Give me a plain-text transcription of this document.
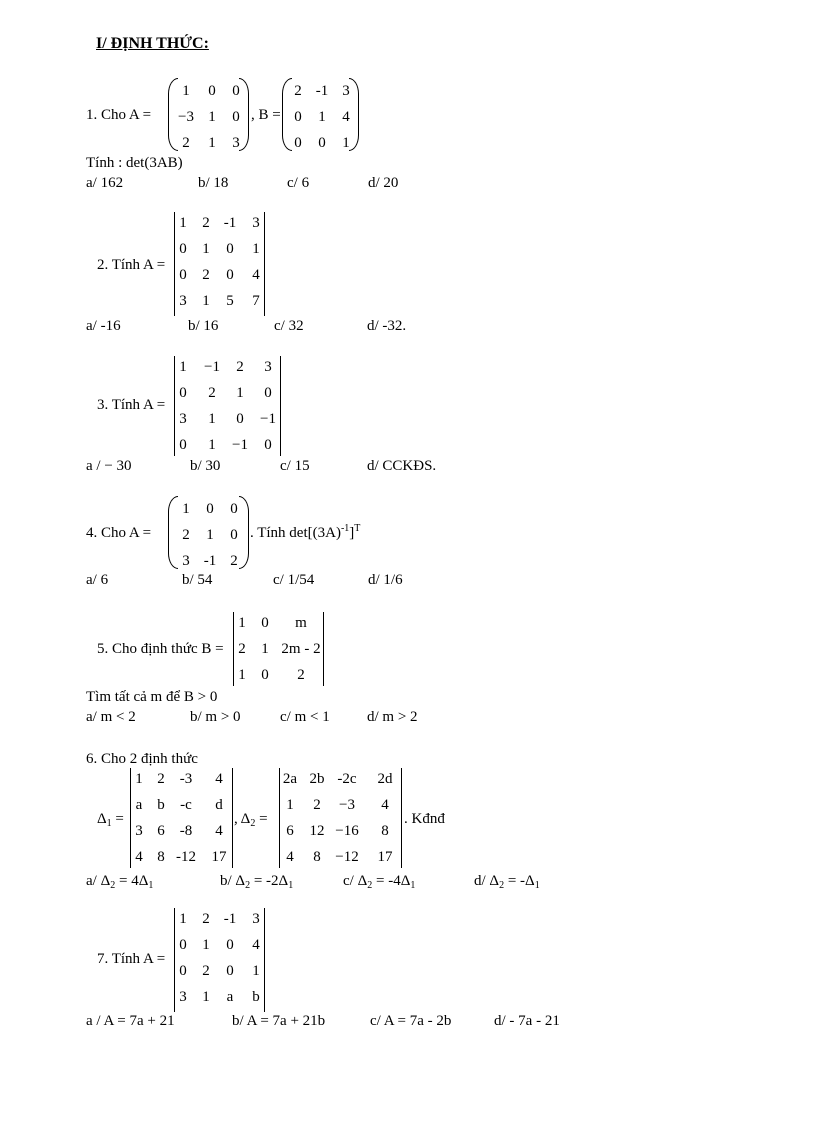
I/ ĐỊNH THỨC:
1. Cho A =
1	0	0
−3 1	0
2	1	3
, B =
2 -1 3
0	1	4
0	0	1
Tính : det(3AB)
a/ 162	b/ 18	c/ 6	d/ 20
2. Tính A =
1	2 -1	3
0	1	0	1
0	2	0	4
3	1	5	7
a/ -16	b/ 16	c/ 32	d/ -32.
3. Tính A =
1	−1	2	3
0	2	1	0
3	1	0	−1
0	1	−1	0
a / − 30	b/ 30	c/ 15	d/ CCKĐS.
4. Cho A =
1	0	0
2	1	0
3 -1 2
. Tính $\det[(3A)^{-1}]^T$
a/ 6	b/ 54	c/ 1/54	d/ 1/6
5. Cho định thức B =
1	0	m
2	1 2m - 2
1	0	2
Tìm tất cả m để B > 0
a/ m < 2	b/ m > 0	c/ m < 1 d/ m > 2
6. Cho 2 định thức
$\Delta_1$ =
1 2	-3	4
a b	-c	d
3 6	-8	4
4 8 -12	17
, $\Delta_2$ =
2a 2b -2c	2d
1	2	−3	4
6	12 −16	8
4	8 −12	17
. Kđnđ
a/ $\Delta_2 = 4\Delta_1$	b/ $\Delta_2 = -2\Delta_1$	c/ $\Delta_2 = -4\Delta_1$	d/ $\Delta_2 = -\Delta_1$
7. Tính A =
1	2 -1	3
0	1	0	4
0	2	0	1
3	1	a	b
a / A = 7a + 21	b/ A = 7a + 21b	c/ A = 7a - 2b	d/ - 7a - 21
